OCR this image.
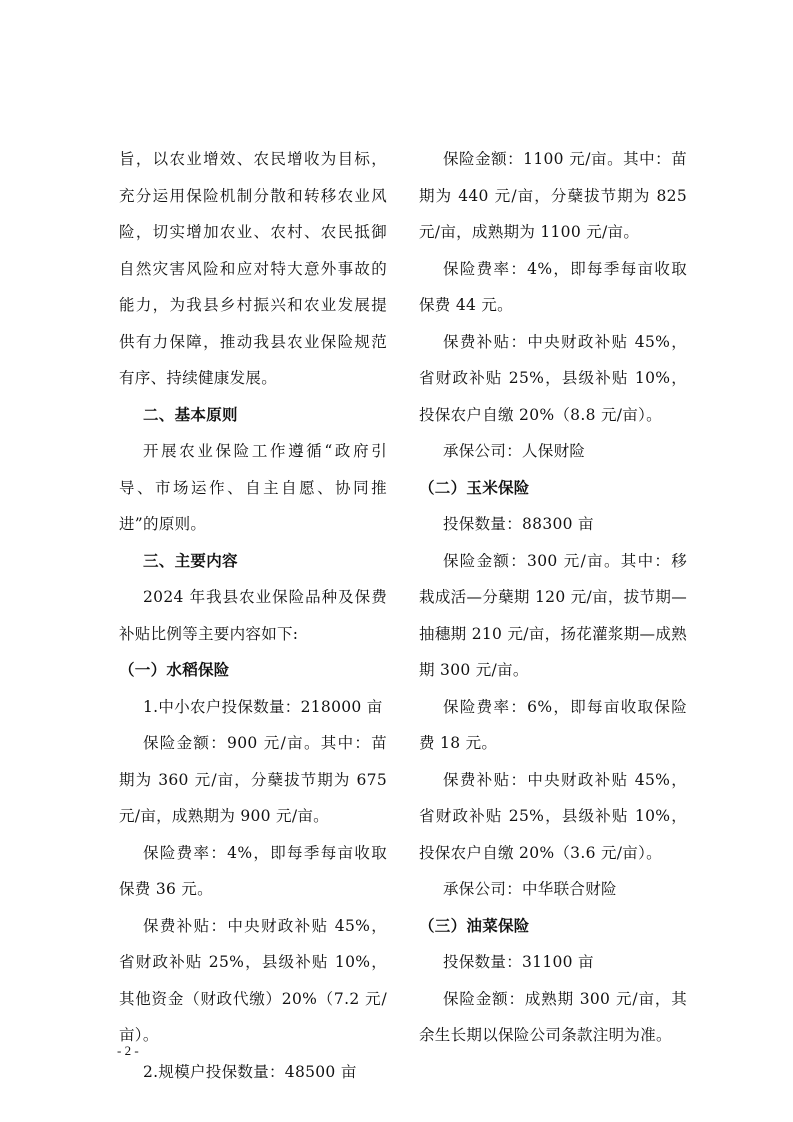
旨，以农业增效、农民增收为目标，充分运用保险机制分散和转移农业风险，切实增加农业、农村、农民抵御自然灾害风险和应对特大意外事故的能力，为我县乡村振兴和农业发展提供有力保障，推动我县农业保险规范有序、持续健康发展。

二、基本原则

开展农业保险工作遵循“政府引导、市场运作、自主自愿、协同推进”的原则。

三、主要内容

2024 年我县农业保险品种及保费补贴比例等主要内容如下:

（一）水稻保险

1.中小农户投保数量：218000 亩

保险金额：900 元/亩。其中：苗期为 360 元/亩，分蘖拔节期为 675 元/亩，成熟期为 900 元/亩。

保险费率：4%，即每季每亩收取保费 36 元。

保费补贴：中央财政补贴 45%，省财政补贴 25%，县级补贴 10%，其他资金（财政代缴）20%（7.2 元/亩）。

2.规模户投保数量：48500 亩

保险金额：1100 元/亩。其中：苗期为 440 元/亩，分蘖拔节期为 825 元/亩，成熟期为 1100 元/亩。

保险费率：4%，即每季每亩收取保费 44 元。

保费补贴：中央财政补贴 45%，省财政补贴 25%，县级补贴 10%，投保农户自缴 20%（8.8 元/亩）。

承保公司：人保财险

（二）玉米保险

投保数量：88300 亩

保险金额：300 元/亩。其中：移栽成活—分蘖期 120 元/亩，拔节期—抽穗期 210 元/亩，扬花灌浆期—成熟期 300 元/亩。

保险费率：6%，即每亩收取保险费 18 元。

保费补贴：中央财政补贴 45%，省财政补贴 25%，县级补贴 10%，投保农户自缴 20%（3.6 元/亩）。

承保公司：中华联合财险

（三）油菜保险

投保数量：31100 亩

保险金额：成熟期 300 元/亩，其余生长期以保险公司条款注明为准。

- 2 -
